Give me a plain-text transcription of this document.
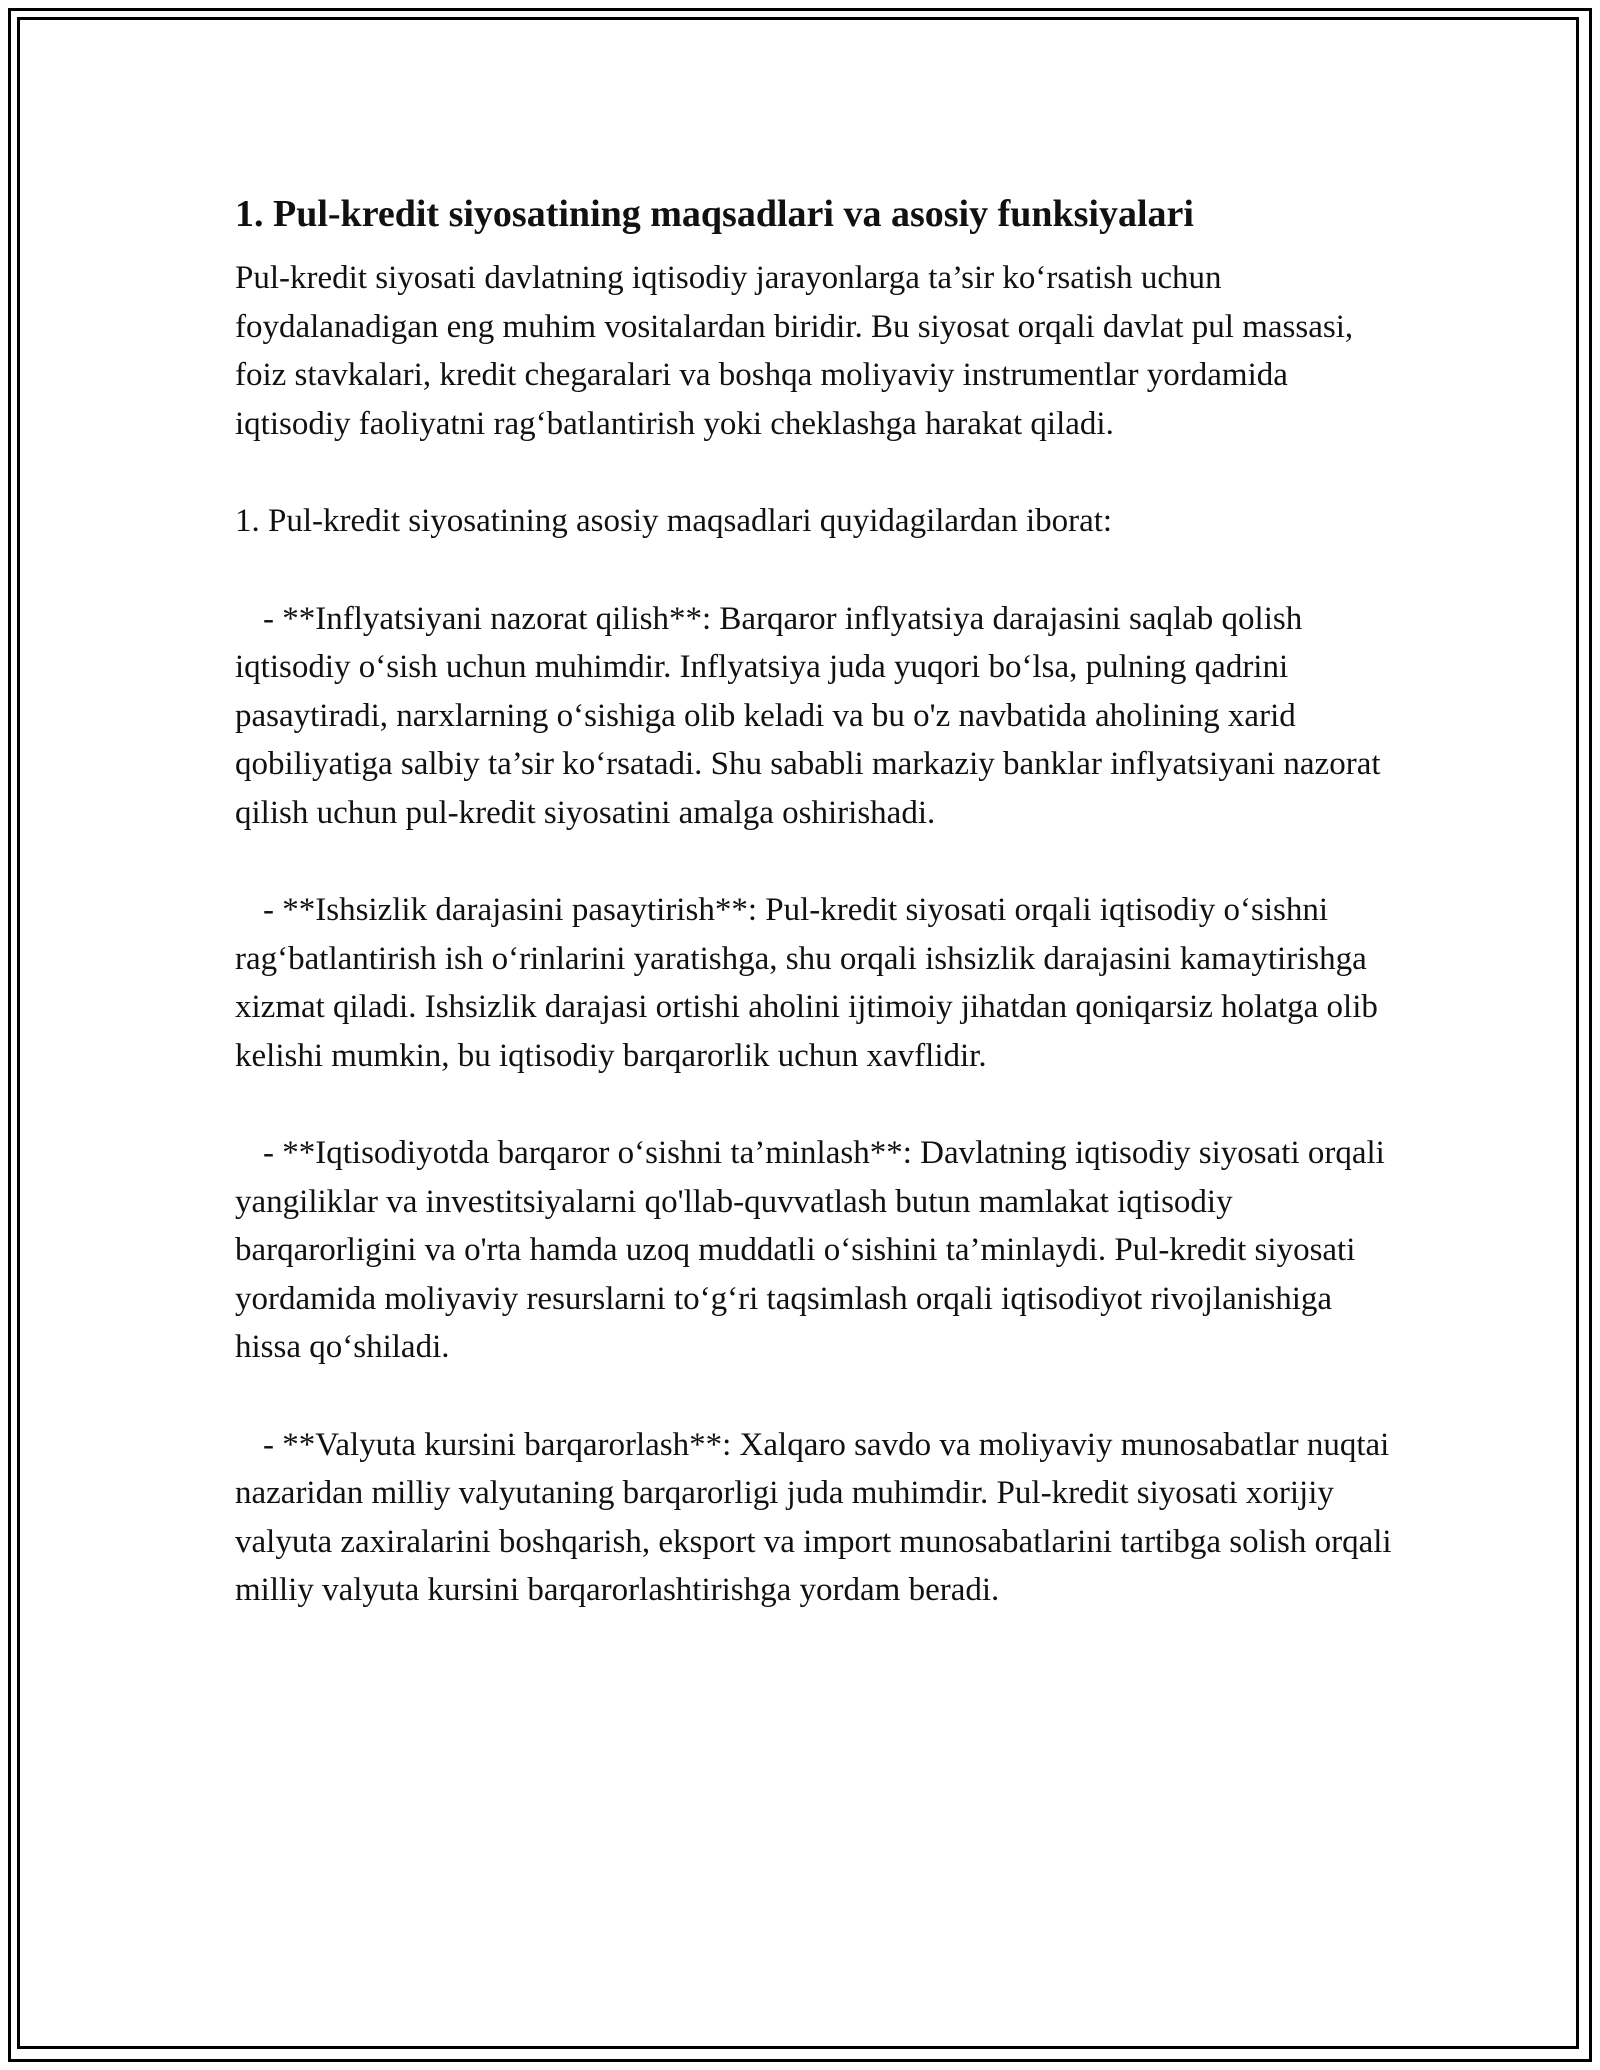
1. Pul-kredit siyosatining maqsadlari va asosiy funksiyalari

Pul-kredit siyosati davlatning iqtisodiy jarayonlarga ta’sir ko‘rsatish uchun foydalanadigan eng muhim vositalardan biridir. Bu siyosat orqali davlat pul massasi, foiz stavkalari, kredit chegaralari va boshqa moliyaviy instrumentlar yordamida iqtisodiy faoliyatni rag‘batlantirish yoki cheklashga harakat qiladi.

1. Pul-kredit siyosatining asosiy maqsadlari quyidagilardan iborat:

- **Inflyatsiyani nazorat qilish**: Barqaror inflyatsiya darajasini saqlab qolish iqtisodiy o‘sish uchun muhimdir. Inflyatsiya juda yuqori bo‘lsa, pulning qadrini pasaytiradi, narxlarning o‘sishiga olib keladi va bu o'z navbatida aholining xarid qobiliyatiga salbiy ta’sir ko‘rsatadi. Shu sababli markaziy banklar inflyatsiyani nazorat qilish uchun pul-kredit siyosatini amalga oshirishadi.

- **Ishsizlik darajasini pasaytirish**: Pul-kredit siyosati orqali iqtisodiy o‘sishni rag‘batlantirish ish o‘rinlarini yaratishga, shu orqali ishsizlik darajasini kamaytirishga xizmat qiladi. Ishsizlik darajasi ortishi aholini ijtimoiy jihatdan qoniqarsiz holatga olib kelishi mumkin, bu iqtisodiy barqarorlik uchun xavflidir.

- **Iqtisodiyotda barqaror o‘sishni ta’minlash**: Davlatning iqtisodiy siyosati orqali yangiliklar va investitsiyalarni qo'llab-quvvatlash butun mamlakat iqtisodiy barqarorligini va o'rta hamda uzoq muddatli o‘sishini ta’minlaydi. Pul-kredit siyosati yordamida moliyaviy resurslarni to‘g‘ri taqsimlash orqali iqtisodiyot rivojlanishiga hissa qo‘shiladi.

- **Valyuta kursini barqarorlash**: Xalqaro savdo va moliyaviy munosabatlar nuqtai nazaridan milliy valyutaning barqarorligi juda muhimdir. Pul-kredit siyosati xorijiy valyuta zaxiralarini boshqarish, eksport va import munosabatlarini tartibga solish orqali milliy valyuta kursini barqarorlashtirishga yordam beradi.
